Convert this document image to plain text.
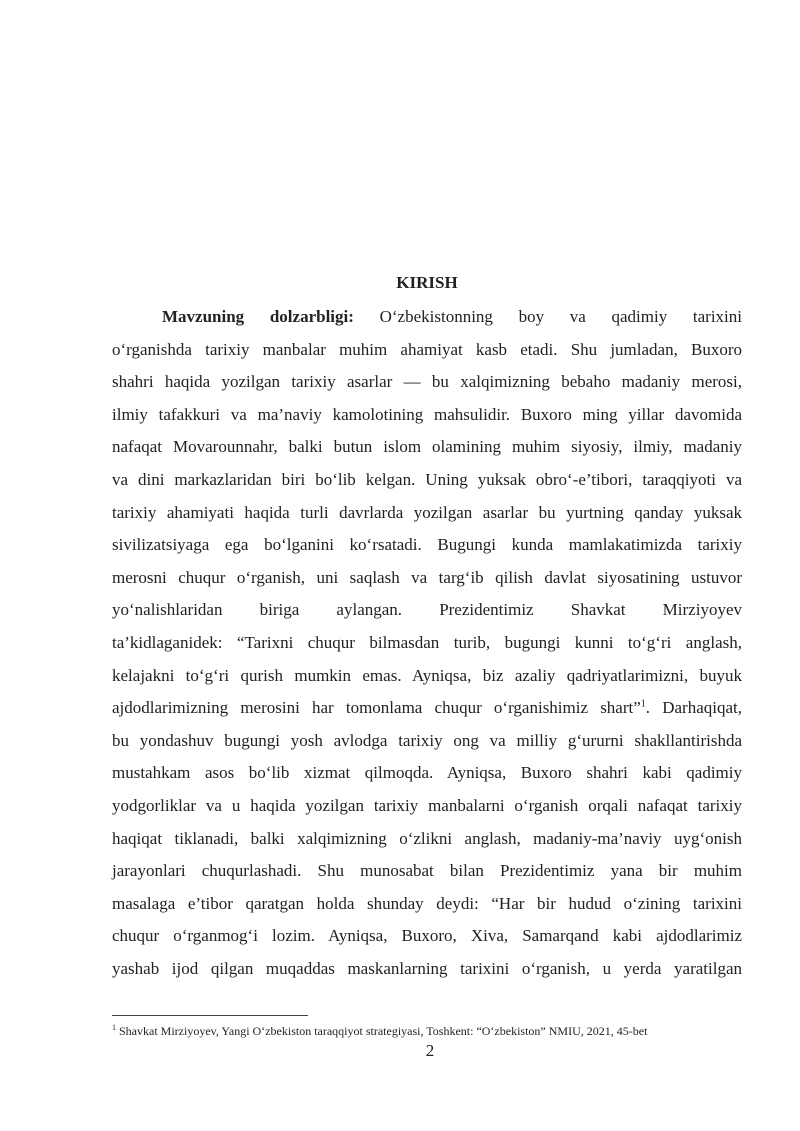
KIRISH
Mavzuning dolzarbligi: O‘zbekistonning boy va qadimiy tarixini
o‘rganishda tarixiy manbalar muhim ahamiyat kasb etadi. Shu jumladan, Buxoro
shahri haqida yozilgan tarixiy asarlar — bu xalqimizning bebaho madaniy merosi,
ilmiy tafakkuri va ma’naviy kamolotining mahsulidir. Buxoro ming yillar davomida
nafaqat Movarounnahr, balki butun islom olamining muhim siyosiy, ilmiy, madaniy
va dini markazlaridan biri bo‘lib kelgan. Uning yuksak obro‘-e’tibori, taraqqiyoti va
tarixiy ahamiyati haqida turli davrlarda yozilgan asarlar bu yurtning qanday yuksak
sivilizatsiyaga ega bo‘lganini ko‘rsatadi. Bugungi kunda mamlakatimizda tarixiy
merosni chuqur o‘rganish, uni saqlash va targ‘ib qilish davlat siyosatining ustuvor
yo‘nalishlaridan biriga aylangan. Prezidentimiz Shavkat Mirziyoyev
ta’kidlaganidek: “Tarixni chuqur bilmasdan turib, bugungi kunni to‘g‘ri anglash,
kelajakni to‘g‘ri qurish mumkin emas. Ayniqsa, biz azaliy qadriyatlarimizni, buyuk
ajdodlarimizning merosini har tomonlama chuqur o‘rganishimiz shart”$^1$. Darhaqiqat,
bu yondashuv bugungi yosh avlodga tarixiy ong va milliy g‘ururni shakllantirishda
mustahkam asos bo‘lib xizmat qilmoqda. Ayniqsa, Buxoro shahri kabi qadimiy
yodgorliklar va u haqida yozilgan tarixiy manbalarni o‘rganish orqali nafaqat tarixiy
haqiqat tiklanadi, balki xalqimizning o‘zlikni anglash, madaniy-ma’naviy uyg‘onish
jarayonlari chuqurlashadi. Shu munosabat bilan Prezidentimiz yana bir muhim
masalaga e’tibor qaratgan holda shunday deydi: “Har bir hudud o‘zining tarixini
chuqur o‘rganmog‘i lozim. Ayniqsa, Buxoro, Xiva, Samarqand kabi ajdodlarimiz
yashab ijod qilgan muqaddas maskanlarning tarixini o‘rganish, u yerda yaratilgan
$^1$ Shavkat Mirziyoyev, Yangi O‘zbekiston taraqqiyot strategiyasi, Toshkent: “O‘zbekiston” NMIU, 2021, 45-bet
2
